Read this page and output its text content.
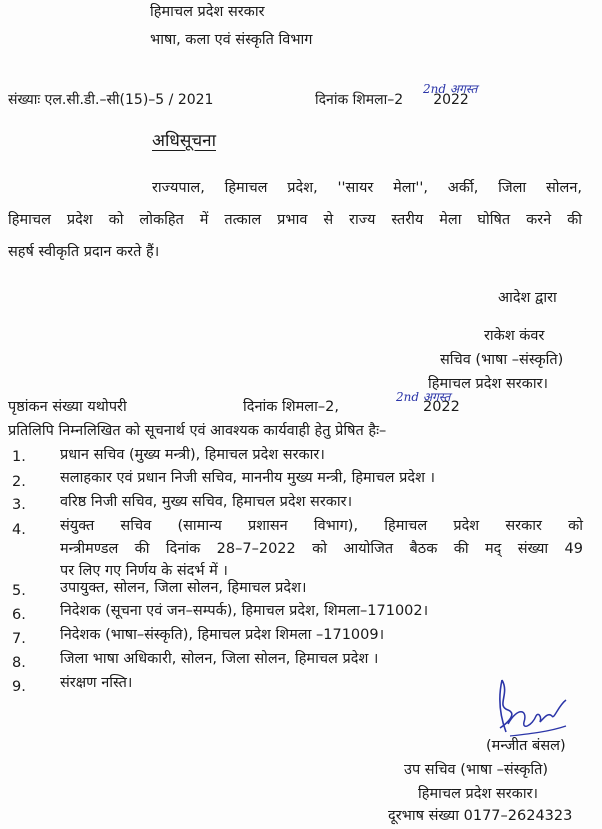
हिमाचल प्रदेश सरकार
भाषा, कला एवं संस्कृति विभाग
संख्याः एल.सी.डी.–सी(15)–5 / 2021	दिनांक शिमला–2 2022
2nd अगस्त
अधिसूचना
राज्यपाल, हिमाचल प्रदेश, ''सायर मेला'', अर्की, जिला सोलन,
हिमाचल प्रदेश को लोकहित में तत्काल प्रभाव से राज्य स्तरीय मेला घोषित करने की
सहर्ष स्वीकृति प्रदान करते हैं।
आदेश द्वारा
राकेश कंवर
सचिव (भाषा –संस्कृति)
हिमाचल प्रदेश सरकार।
पृष्ठांकन संख्या यथोपरी	दिनांक शिमला–2,	2022
2nd अगस्त
प्रतिलिपि निम्नलिखित को सूचनार्थ एवं आवश्यक कार्यवाही हेतु प्रेषित हैः–
1. प्रधान सचिव (मुख्य मन्त्री), हिमाचल प्रदेश सरकार।
2. सलाहकार एवं प्रधान निजी सचिव, माननीय मुख्य मन्त्री, हिमाचल प्रदेश ।
3. वरिष्ठ निजी सचिव, मुख्य सचिव, हिमाचल प्रदेश सरकार।
4. संयुक्त सचिव (सामान्य प्रशासन विभाग), हिमाचल प्रदेश सरकार को
मन्त्रीमण्डल की दिनांक 28–7–2022 को आयोजित बैठक की मद् संख्या 49
पर लिए गए निर्णय के संदर्भ में ।
5. उपायुक्त, सोलन, जिला सोलन, हिमाचल प्रदेश।
6. निदेशक (सूचना एवं जन–सम्पर्क), हिमाचल प्रदेश, शिमला–171002।
7. निदेशक (भाषा–संस्कृति), हिमाचल प्रदेश शिमला –171009।
8. जिला भाषा अधिकारी, सोलन, जिला सोलन, हिमाचल प्रदेश ।
9. संरक्षण नस्ति।
(मन्जीत बंसल)
उप सचिव (भाषा –संस्कृति)
हिमाचल प्रदेश सरकार।
दूरभाष संख्या 0177–2624323
